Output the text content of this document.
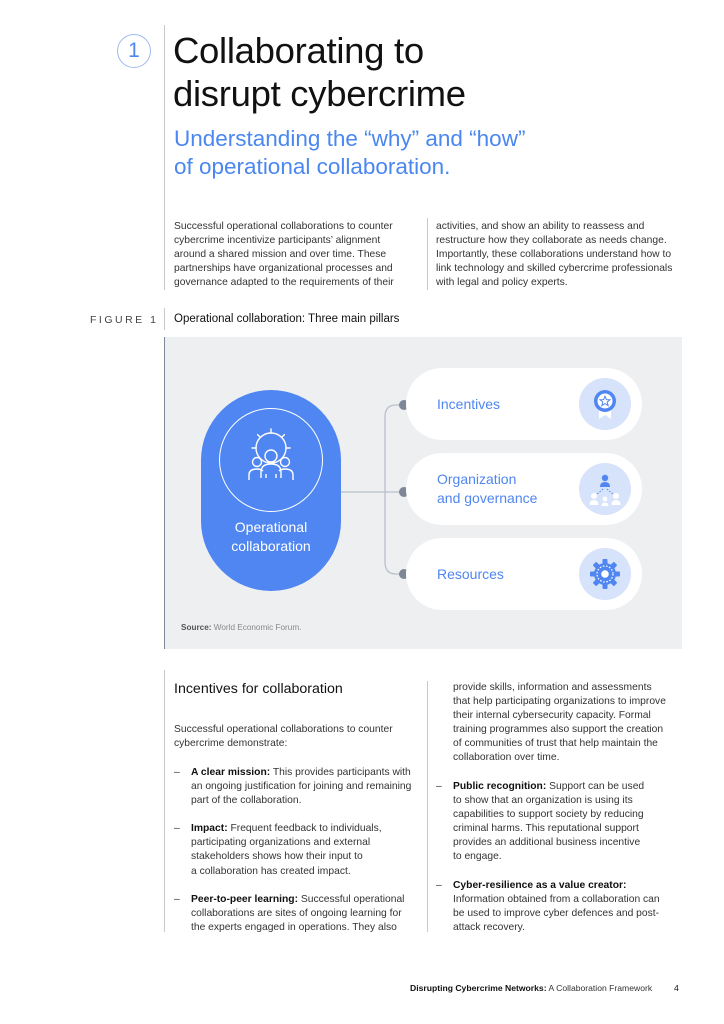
1 Collaborating to
disrupt cybercrime
Understanding the “why” and “how”
of operational collaboration.

Successful operational collaborations to counter

cybercrime incentivize participants’ alignment

around a shared mission and over time. These

partnerships have organizational processes and

governance adapted to the requirements of their

activities, and show an ability to reassess and

restructure how they collaborate as needs change.

Importantly, these collaborations understand how to

link technology and skilled cybercrime professionals

with legal and policy experts.

FIGURE 1 Operational collaboration: Three main pillars
Operational
collaboration
Incentives
Organization
and governance
Resources
Source: World Economic Forum.
Incentives for collaboration

Successful operational collaborations to counter

cybercrime demonstrate:

–	A clear mission: This provides participants with

an ongoing justification for joining and remaining

part of the collaboration.

–	Impact: Frequent feedback to individuals,

participating organizations and external

stakeholders shows how their input to

a collaboration has created impact.

–	Peer-to-peer learning: Successful operational

collaborations are sites of ongoing learning for

the experts engaged in operations. They also

provide skills, information and assessments

that help participating organizations to improve

their internal cybersecurity capacity. Formal

training programmes also support the creation

of communities of trust that help maintain the

collaboration over time.

–	Public recognition: Support can be used

to show that an organization is using its

capabilities to support society by reducing

criminal harms. This reputational support

provides an additional business incentive

to engage.

–	Cyber-resilience as a value creator:

Information obtained from a collaboration can

be used to improve cyber defences and post-

attack recovery.

Disrupting Cybercrime Networks: A Collaboration Framework	4
